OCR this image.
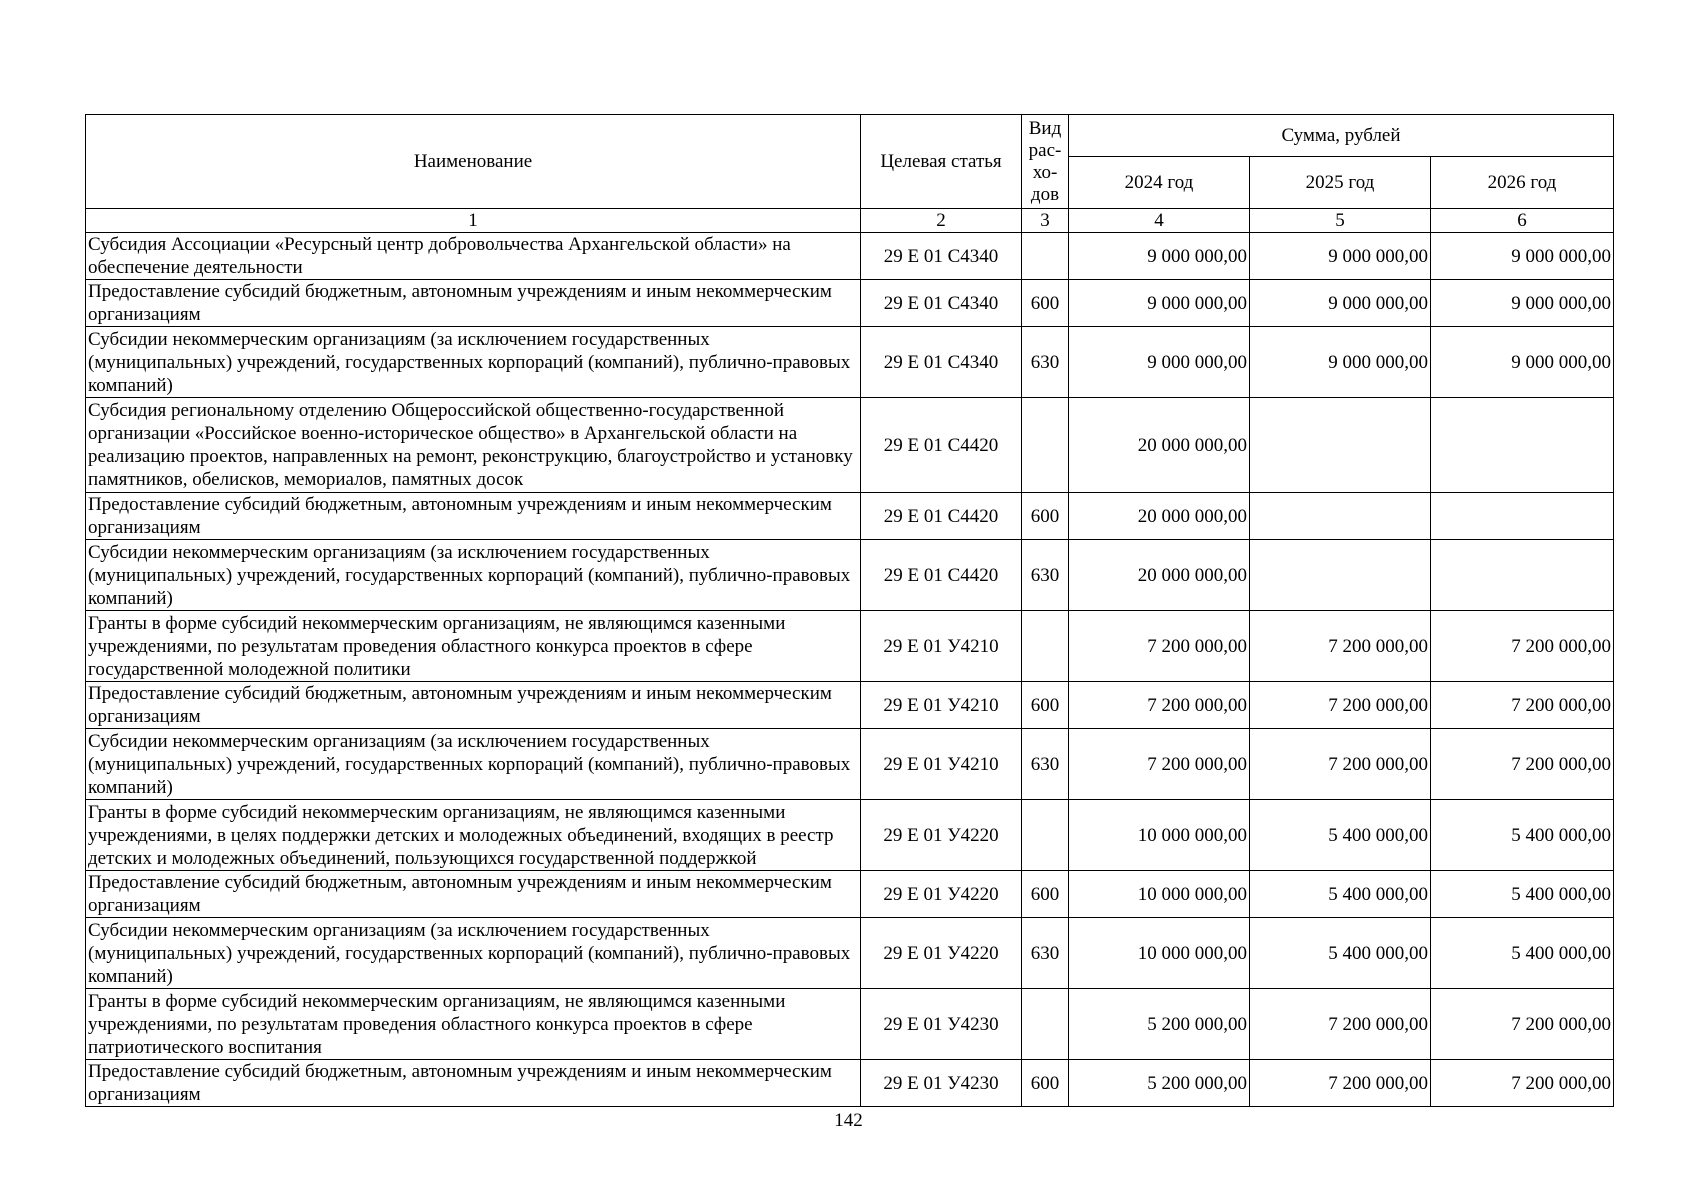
Наименование	Целевая статья	Вид рас-хо-дов	Сумма, рублей		
			2024 год	2025 год	2026 год
1	2	3	4	5	6
Субсидия Ассоциации «Ресурсный центр добровольчества Архангельской области» на обеспечение деятельности	29 Е 01 С4340		9 000 000,00	9 000 000,00	9 000 000,00
Предоставление субсидий бюджетным, автономным учреждениям и иным некоммерческим организациям	29 Е 01 С4340	600	9 000 000,00	9 000 000,00	9 000 000,00
Субсидии некоммерческим организациям (за исключением государственных (муниципальных) учреждений, государственных корпораций (компаний), публично-правовых компаний)	29 Е 01 С4340	630	9 000 000,00	9 000 000,00	9 000 000,00
Субсидия региональному отделению Общероссийской общественно-государственной организации «Российское военно-историческое общество» в Архангельской области на реализацию проектов, направленных на ремонт, реконструкцию, благоустройство и установку памятников, обелисков, мемориалов, памятных досок	29 Е 01 С4420		20 000 000,00		
Предоставление субсидий бюджетным, автономным учреждениям и иным некоммерческим организациям	29 Е 01 С4420	600	20 000 000,00		
Субсидии некоммерческим организациям (за исключением государственных (муниципальных) учреждений, государственных корпораций (компаний), публично-правовых компаний)	29 Е 01 С4420	630	20 000 000,00		
Гранты в форме субсидий некоммерческим организациям, не являющимся казенными учреждениями, по результатам проведения областного конкурса проектов в сфере государственной молодежной политики	29 Е 01 У4210		7 200 000,00	7 200 000,00	7 200 000,00
Предоставление субсидий бюджетным, автономным учреждениям и иным некоммерческим организациям	29 Е 01 У4210	600	7 200 000,00	7 200 000,00	7 200 000,00
Субсидии некоммерческим организациям (за исключением государственных (муниципальных) учреждений, государственных корпораций (компаний), публично-правовых компаний)	29 Е 01 У4210	630	7 200 000,00	7 200 000,00	7 200 000,00
Гранты в форме субсидий некоммерческим организациям, не являющимся казенными учреждениями, в целях поддержки детских и молодежных объединений, входящих в реестр детских и молодежных объединений, пользующихся государственной поддержкой	29 Е 01 У4220		10 000 000,00	5 400 000,00	5 400 000,00
Предоставление субсидий бюджетным, автономным учреждениям и иным некоммерческим организациям	29 Е 01 У4220	600	10 000 000,00	5 400 000,00	5 400 000,00
Субсидии некоммерческим организациям (за исключением государственных (муниципальных) учреждений, государственных корпораций (компаний), публично-правовых компаний)	29 Е 01 У4220	630	10 000 000,00	5 400 000,00	5 400 000,00
Гранты в форме субсидий некоммерческим организациям, не являющимся казенными учреждениями, по результатам проведения областного конкурса проектов в сфере патриотического воспитания	29 Е 01 У4230		5 200 000,00	7 200 000,00	7 200 000,00
Предоставление субсидий бюджетным, автономным учреждениям и иным некоммерческим организациям	29 Е 01 У4230	600	5 200 000,00	7 200 000,00	7 200 000,00
142
